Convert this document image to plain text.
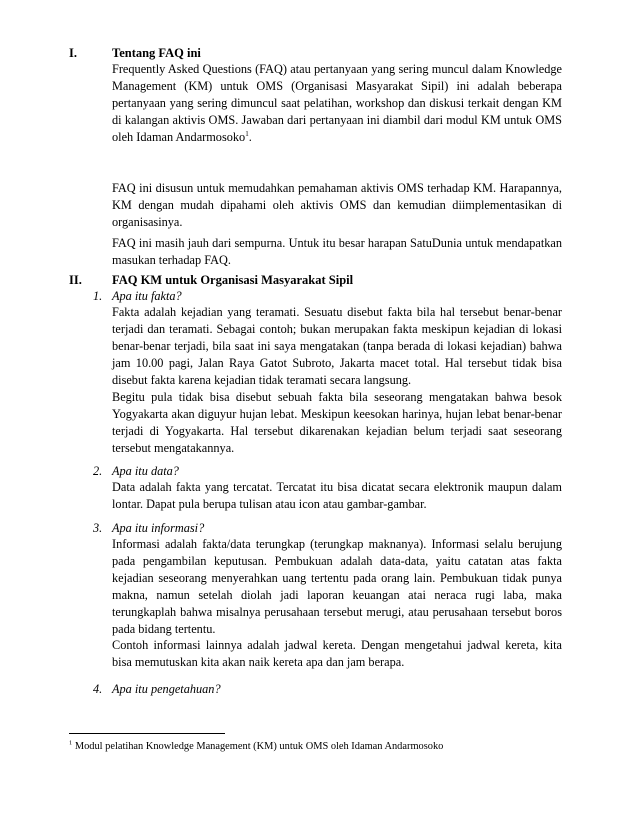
I.	Tentang FAQ ini

Frequently Asked Questions (FAQ) atau pertanyaan yang sering muncul dalam Knowledge Management (KM) untuk OMS (Organisasi Masyarakat Sipil) ini adalah beberapa pertanyaan yang sering dimuncul saat pelatihan, workshop dan diskusi terkait dengan KM di kalangan aktivis OMS. Jawaban dari pertanyaan ini diambil dari modul KM untuk OMS oleh Idaman Andarmosoko$^1$.

FAQ ini disusun untuk memudahkan pemahaman aktivis OMS terhadap KM. Harapannya, KM dengan mudah dipahami oleh aktivis OMS dan kemudian diimplementasikan di organisasinya.

FAQ ini masih jauh dari sempurna. Untuk itu besar harapan SatuDunia untuk mendapatkan masukan terhadap FAQ.

II. FAQ KM untuk Organisasi Masyarakat Sipil
1. Apa itu fakta?

Fakta adalah kejadian yang teramati. Sesuatu disebut fakta bila hal tersebut benar-benar terjadi dan teramati. Sebagai contoh; bukan merupakan fakta meskipun kejadian di lokasi benar-benar terjadi, bila saat ini saya mengatakan (tanpa berada di lokasi kejadian) bahwa jam 10.00 pagi, Jalan Raya Gatot Subroto, Jakarta macet total. Hal tersebut tidak bisa disebut fakta karena kejadian tidak teramati secara langsung.

Begitu pula tidak bisa disebut sebuah fakta bila seseorang mengatakan bahwa besok Yogyakarta akan diguyur hujan lebat. Meskipun keesokan harinya, hujan lebat benar-benar terjadi di Yogyakarta. Hal tersebut dikarenakan kejadian belum terjadi saat seseorang tersebut mengatakannya.

2. Apa itu data?

Data adalah fakta yang tercatat. Tercatat itu bisa dicatat secara elektronik maupun dalam lontar. Dapat pula berupa tulisan atau icon atau gambar-gambar.

3. Apa itu informasi?

Informasi adalah fakta/data terungkap (terungkap maknanya). Informasi selalu berujung pada pengambilan keputusan. Pembukuan adalah data-data, yaitu catatan atas fakta kejadian seseorang menyerahkan uang tertentu pada orang lain. Pembukuan tidak punya makna, namun setelah diolah jadi laporan keuangan atai neraca rugi laba, maka terungkaplah bahwa misalnya perusahaan tersebut merugi, atau perusahaan tersebut boros pada bidang tertentu.

Contoh informasi lainnya adalah jadwal kereta. Dengan mengetahui jadwal kereta, kita bisa memutuskan kita akan naik kereta apa dan jam berapa.

4. Apa itu pengetahuan?
$^1$ Modul pelatihan Knowledge Management (KM) untuk OMS oleh Idaman Andarmosoko
